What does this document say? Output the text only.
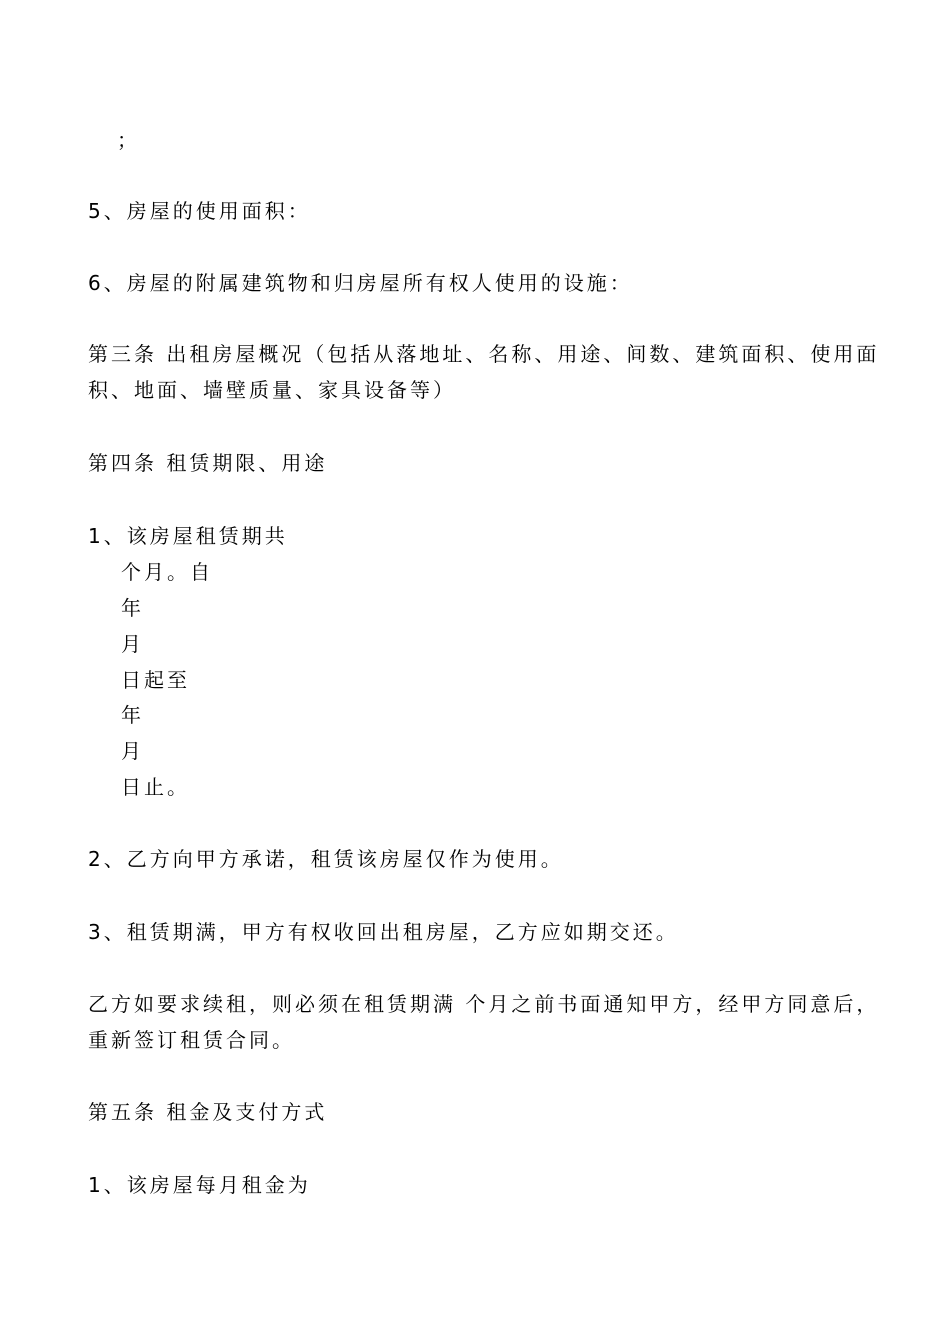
；
5、房屋的使用面积：
6、房屋的附属建筑物和归房屋所有权人使用的设施：
第三条 出租房屋概况（包括从落地址、名称、用途、间数、建筑面积、使用面
积、地面、墙壁质量、家具设备等）
第四条 租赁期限、用途
1、该房屋租赁期共
个月。自
年
月
日起至
年
月
日止。
2、乙方向甲方承诺，租赁该房屋仅作为使用。
3、租赁期满，甲方有权收回出租房屋，乙方应如期交还。
乙方如要求续租，则必须在租赁期满 个月之前书面通知甲方，经甲方同意后，
重新签订租赁合同。
第五条 租金及支付方式
1、该房屋每月租金为
